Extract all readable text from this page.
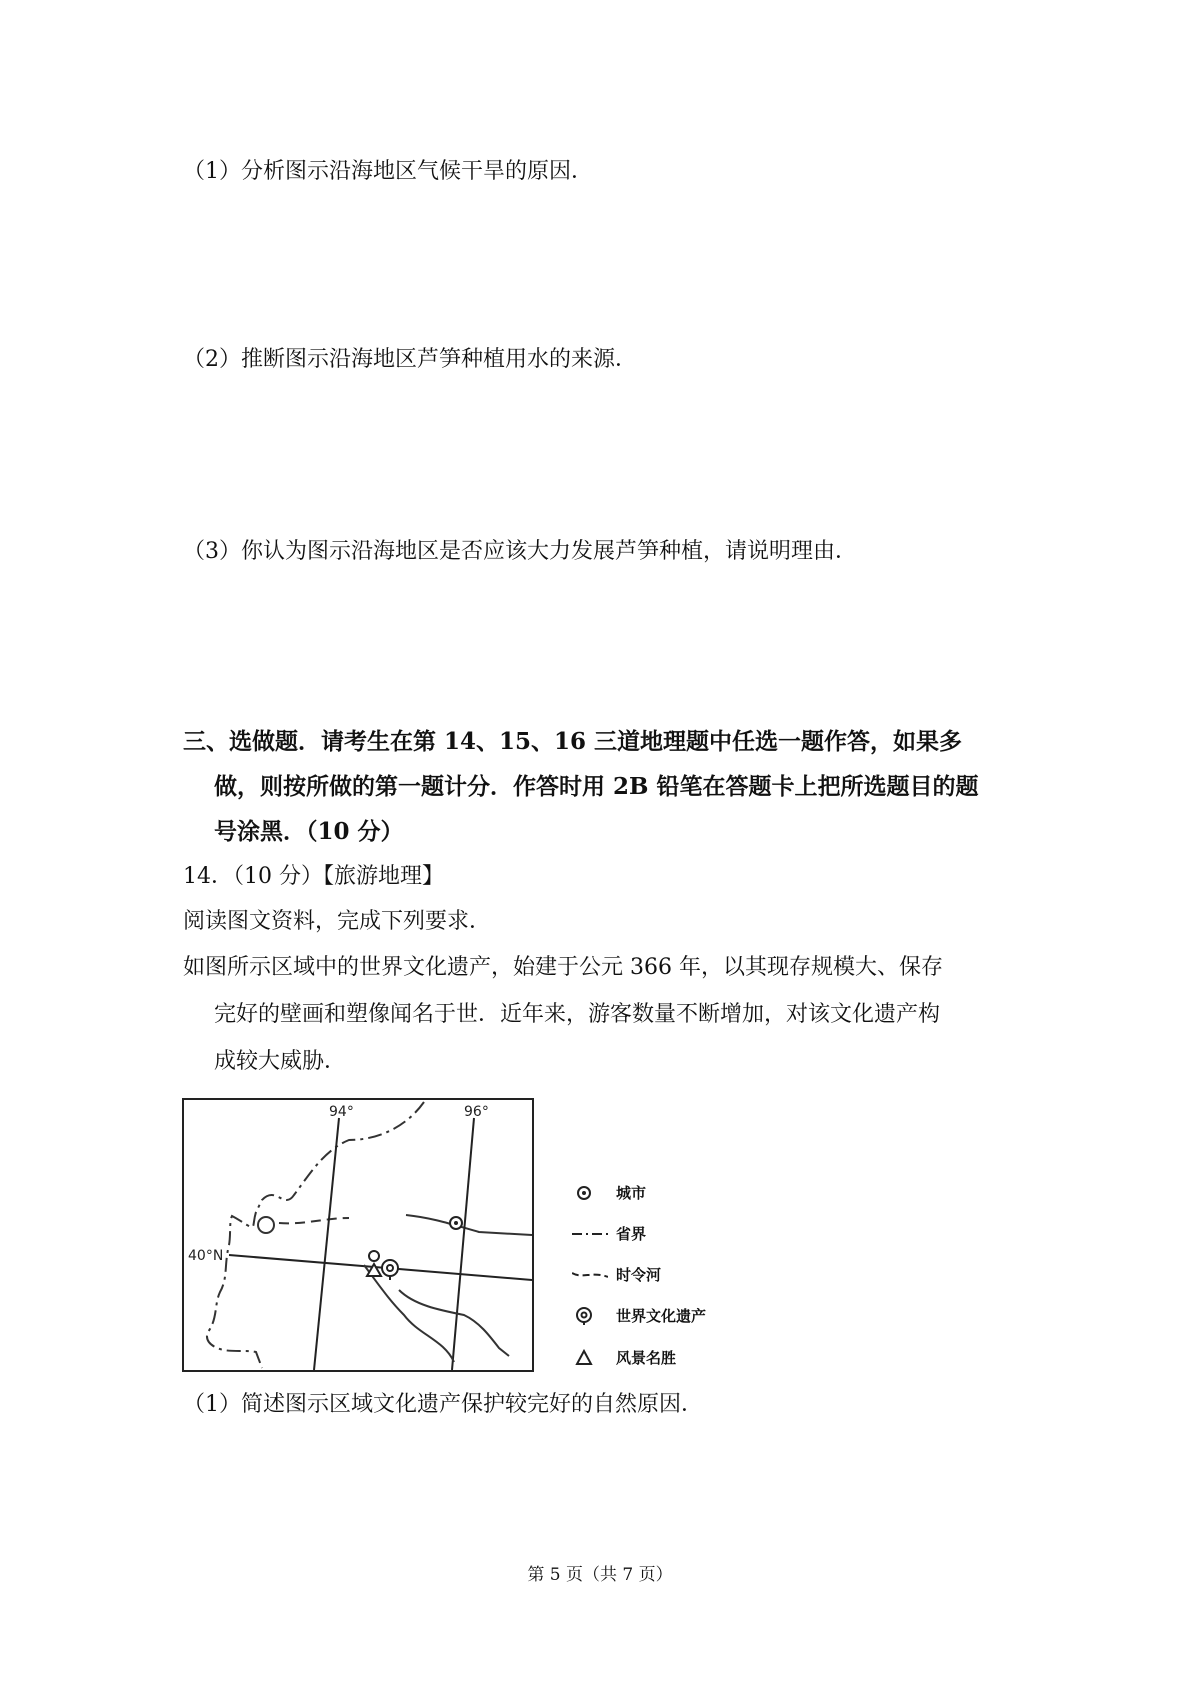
（1）分析图示沿海地区气候干旱的原因．
（2）推断图示沿海地区芦笋种植用水的来源．
（3）你认为图示沿海地区是否应该大力发展芦笋种植，请说明理由．
三、选做题．请考生在第 14、15、16 三道地理题中任选一题作答，如果多
做，则按所做的第一题计分．作答时用 2B 铅笔在答题卡上把所选题目的题
号涂黑．（10 分）
14．（10 分）【旅游地理】
阅读图文资料，完成下列要求．
如图所示区域中的世界文化遗产，始建于公元 366 年，以其现存规模大、保存
完好的壁画和塑像闻名于世．近年来，游客数量不断增加，对该文化遗产构
成较大威胁．
94°	96°
40°N
城市
省界
时令河
世界文化遗产
风景名胜
（1）简述图示区域文化遗产保护较完好的自然原因．
第 5 页（共 7 页）
